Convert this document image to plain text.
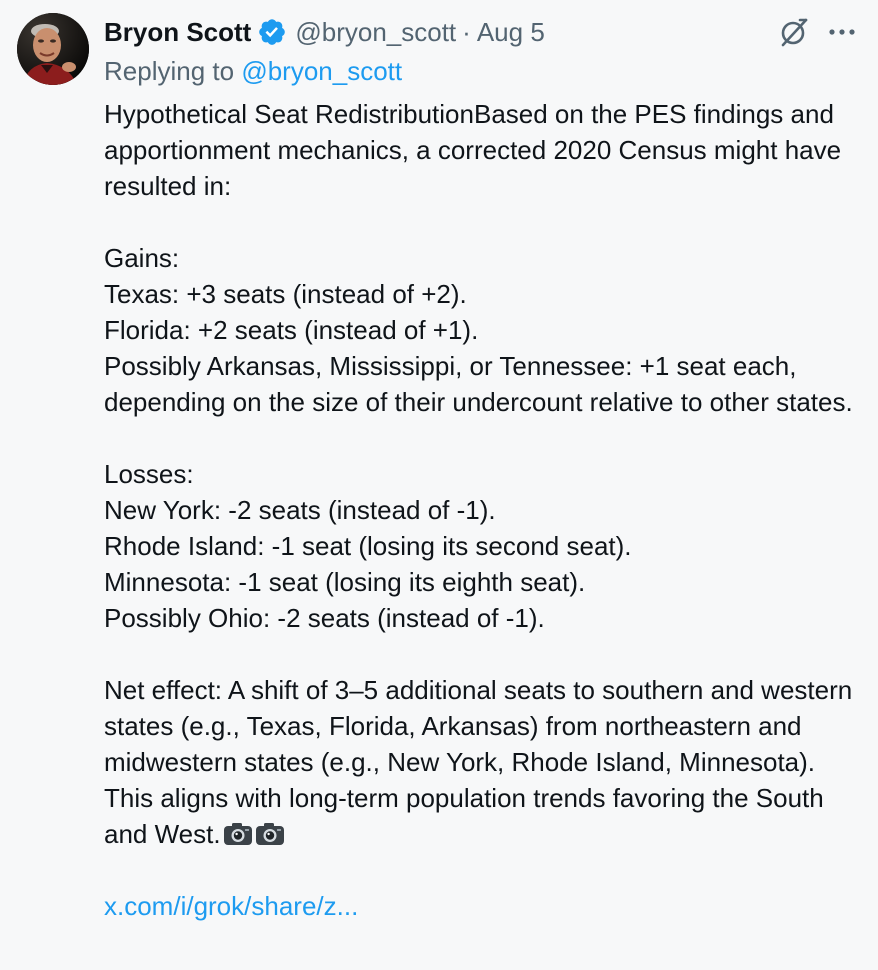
Bryon Scott @bryon_scott · Aug 5
Replying to @bryon_scott

Hypothetical Seat RedistributionBased on the PES findings and apportionment mechanics, a corrected 2020 Census might have resulted in:

Gains:

Texas: +3 seats (instead of +2).

Florida: +2 seats (instead of +1).

Possibly Arkansas, Mississippi, or Tennessee: +1 seat each, depending on the size of their undercount relative to other states.

Losses:

New York: -2 seats (instead of -1).

Rhode Island: -1 seat (losing its second seat).

Minnesota: -1 seat (losing its eighth seat).

Possibly Ohio: -2 seats (instead of -1).

Net effect: A shift of 3–5 additional seats to southern and western states (e.g., Texas, Florida, Arkansas) from northeastern and midwestern states (e.g., New York, Rhode Island, Minnesota). This aligns with long-term population trends favoring the South and West.

x.com/i/grok/share/z...
